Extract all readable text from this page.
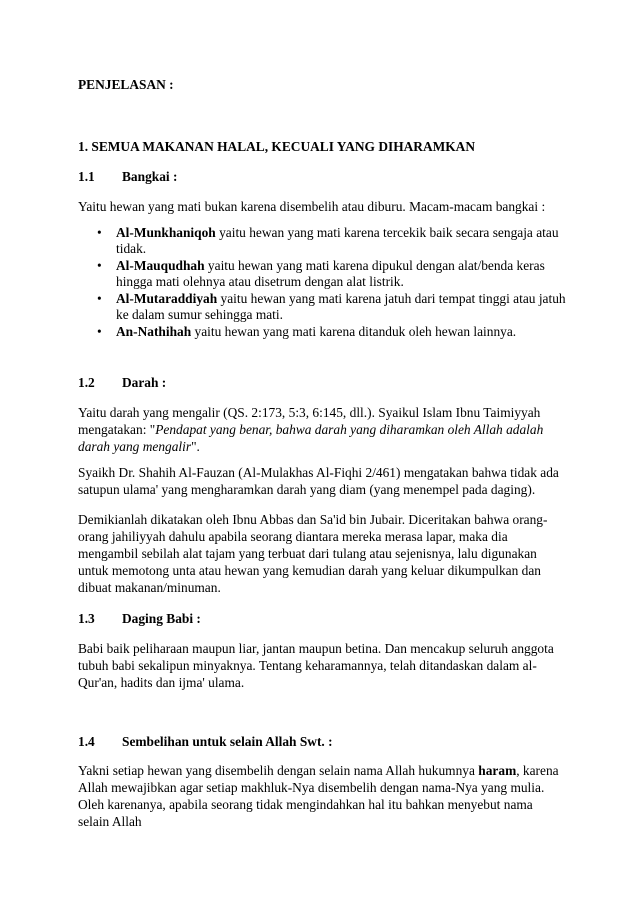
PENJELASAN :

1. SEMUA MAKANAN HALAL, KECUALI YANG DIHARAMKAN

1.1 Bangkai :

Yaitu hewan yang mati bukan karena disembelih atau diburu. Macam-macam bangkai :

• Al-Munkhaniqoh yaitu hewan yang mati karena tercekik baik secara sengaja atau tidak.
• Al-Mauqudhah yaitu hewan yang mati karena dipukul dengan alat/benda keras hingga mati olehnya atau disetrum dengan alat listrik.
• Al-Mutaraddiyah yaitu hewan yang mati karena jatuh dari tempat tinggi atau jatuh ke dalam sumur sehingga mati.
• An-Nathihah yaitu hewan yang mati karena ditanduk oleh hewan lainnya.

1.2 Darah :

Yaitu darah yang mengalir (QS. 2:173, 5:3, 6:145, dll.). Syaikul Islam Ibnu Taimiyyah mengatakan: "Pendapat yang benar, bahwa darah yang diharamkan oleh Allah adalah darah yang mengalir".

Syaikh Dr. Shahih Al-Fauzan (Al-Mulakhas Al-Fiqhi 2/461) mengatakan bahwa tidak ada satupun ulama' yang mengharamkan darah yang diam (yang menempel pada daging).

Demikianlah dikatakan oleh Ibnu Abbas dan Sa'id bin Jubair. Diceritakan bahwa orang-orang jahiliyyah dahulu apabila seorang diantara mereka merasa lapar, maka dia mengambil sebilah alat tajam yang terbuat dari tulang atau sejenisnya, lalu digunakan untuk memotong unta atau hewan yang kemudian darah yang keluar dikumpulkan dan dibuat makanan/minuman.

1.3 Daging Babi :

Babi baik peliharaan maupun liar, jantan maupun betina. Dan mencakup seluruh anggota tubuh babi sekalipun minyaknya. Tentang keharamannya, telah ditandaskan dalam al-Qur'an, hadits dan ijma' ulama.

1.4 Sembelihan untuk selain Allah Swt. :

Yakni setiap hewan yang disembelih dengan selain nama Allah hukumnya haram, karena Allah mewajibkan agar setiap makhluk-Nya disembelih dengan nama-Nya yang mulia. Oleh karenanya, apabila seorang tidak mengindahkan hal itu bahkan menyebut nama selain Allah
